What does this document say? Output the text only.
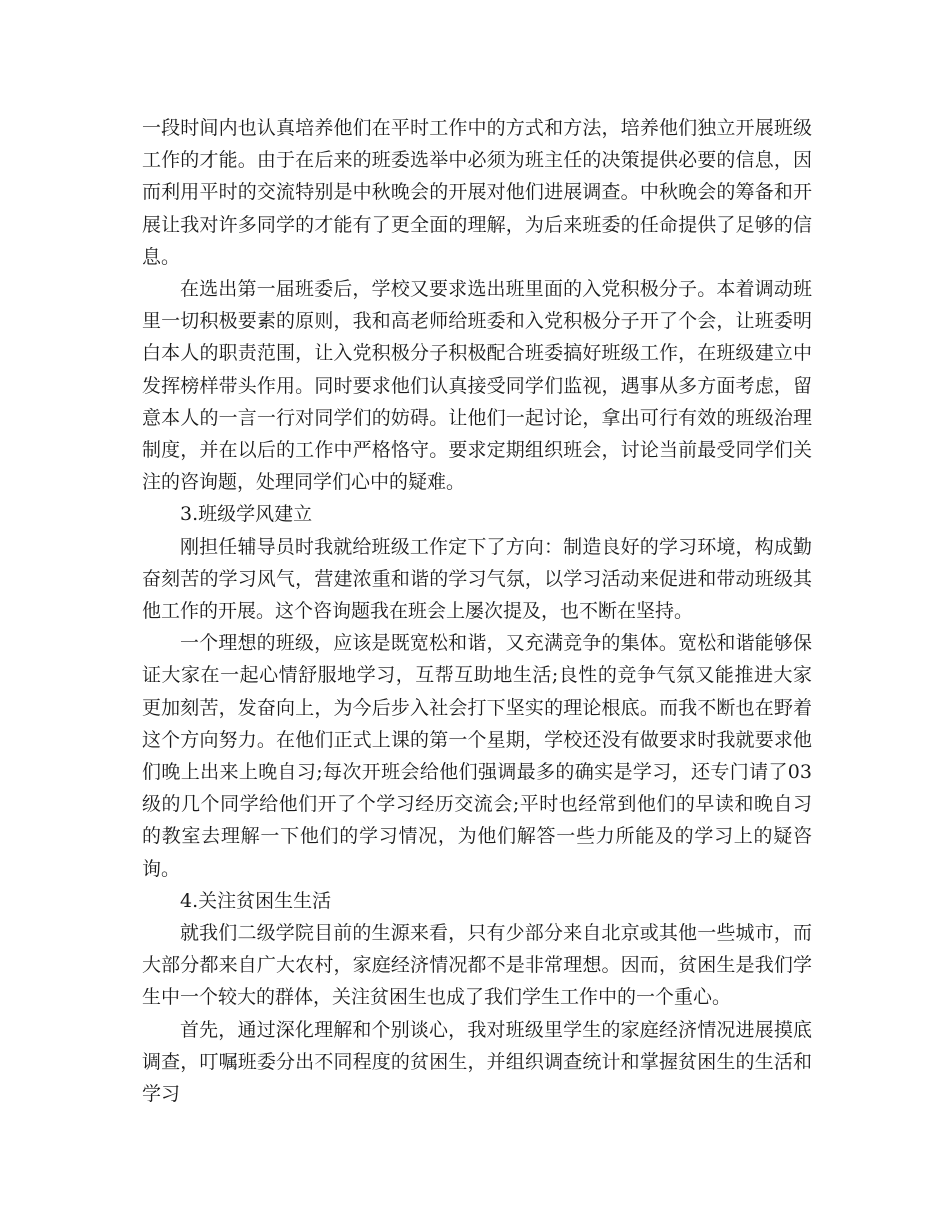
一段时间内也认真培养他们在平时工作中的方式和方法，培养他们独立开展班级工作的才能。由于在后来的班委选举中必须为班主任的决策提供必要的信息，因而利用平时的交流特别是中秋晚会的开展对他们进展调查。中秋晚会的筹备和开展让我对许多同学的才能有了更全面的理解，为后来班委的任命提供了足够的信息。

在选出第一届班委后，学校又要求选出班里面的入党积极分子。本着调动班里一切积极要素的原则，我和高老师给班委和入党积极分子开了个会，让班委明白本人的职责范围，让入党积极分子积极配合班委搞好班级工作，在班级建立中发挥榜样带头作用。同时要求他们认真接受同学们监视，遇事从多方面考虑，留意本人的一言一行对同学们的妨碍。让他们一起讨论，拿出可行有效的班级治理制度，并在以后的工作中严格恪守。要求定期组织班会，讨论当前最受同学们关注的咨询题，处理同学们心中的疑难。

3.班级学风建立

刚担任辅导员时我就给班级工作定下了方向：制造良好的学习环境，构成勤奋刻苦的学习风气，营建浓重和谐的学习气氛，以学习活动来促进和带动班级其他工作的开展。这个咨询题我在班会上屡次提及，也不断在坚持。

一个理想的班级，应该是既宽松和谐，又充满竞争的集体。宽松和谐能够保证大家在一起心情舒服地学习，互帮互助地生活;良性的竞争气氛又能推进大家更加刻苦，发奋向上，为今后步入社会打下坚实的理论根底。而我不断也在野着这个方向努力。在他们正式上课的第一个星期，学校还没有做要求时我就要求他们晚上出来上晚自习;每次开班会给他们强调最多的确实是学习，还专门请了03级的几个同学给他们开了个学习经历交流会;平时也经常到他们的早读和晚自习的教室去理解一下他们的学习情况，为他们解答一些力所能及的学习上的疑咨询。

4.关注贫困生生活

就我们二级学院目前的生源来看，只有少部分来自北京或其他一些城市，而大部分都来自广大农村，家庭经济情况都不是非常理想。因而，贫困生是我们学生中一个较大的群体，关注贫困生也成了我们学生工作中的一个重心。

首先，通过深化理解和个别谈心，我对班级里学生的家庭经济情况进展摸底调查，叮嘱班委分出不同程度的贫困生，并组织调查统计和掌握贫困生的生活和学习
